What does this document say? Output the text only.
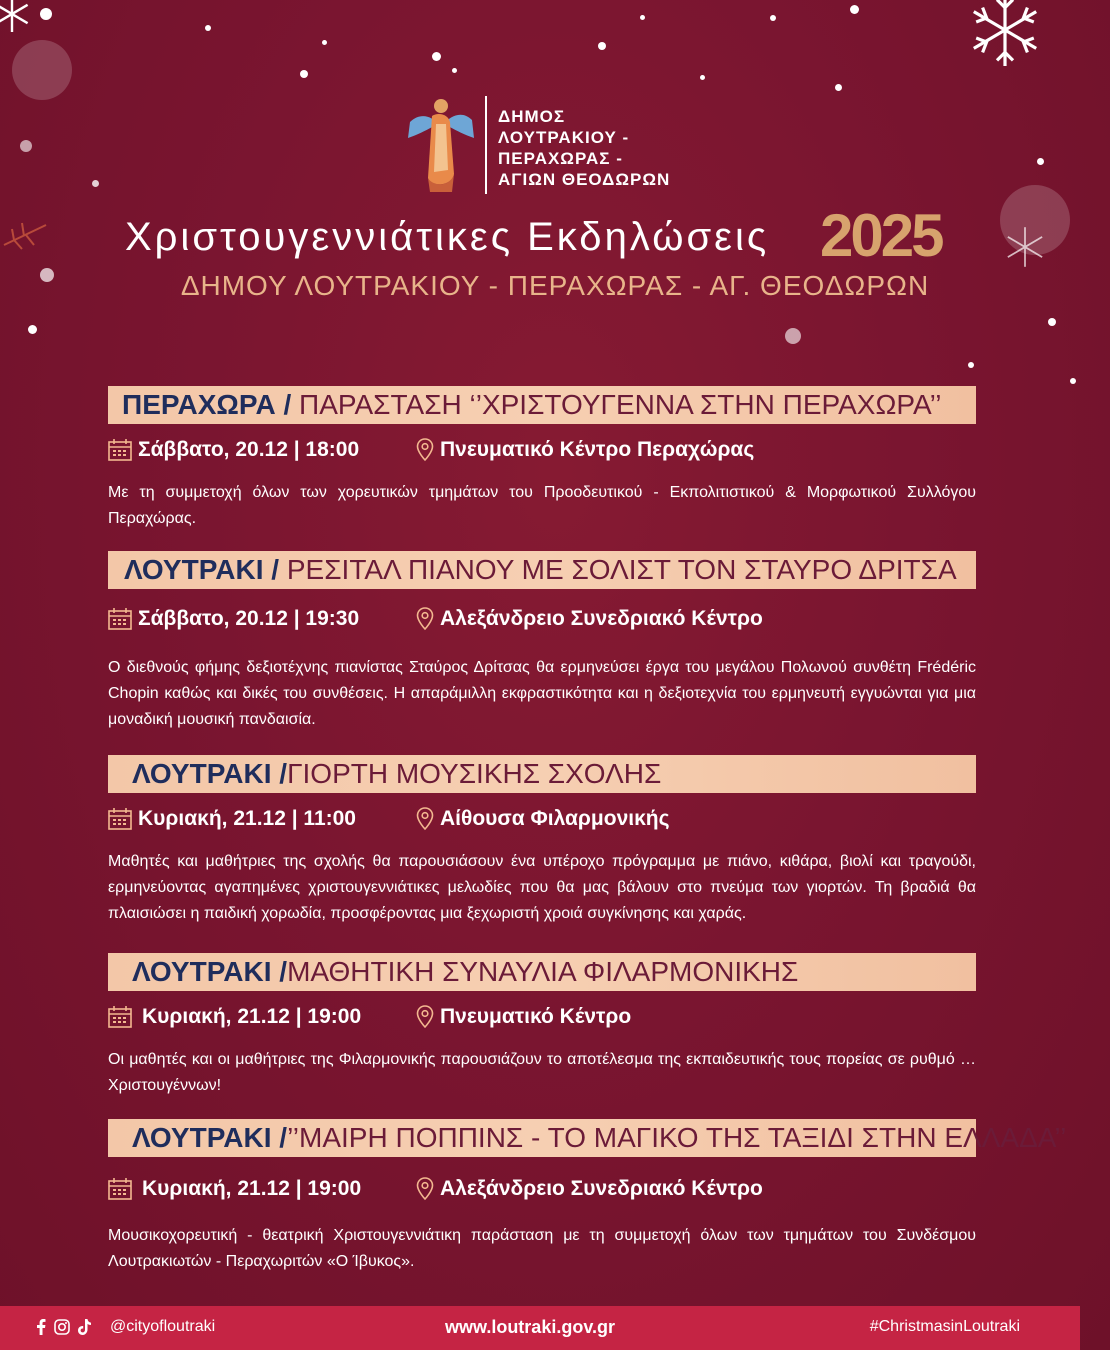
ΔΗΜΟΣ
ΛΟΥΤΡΑΚΙΟΥ -
ΠΕΡΑΧΩΡΑΣ -
ΑΓΙΩΝ ΘΕΟΔΩΡΩΝ
Χριστουγεννιάτικες Εκδηλώσεις 2025
ΔΗΜΟΥ ΛΟΥΤΡΑΚΙΟΥ - ΠΕΡΑΧΩΡΑΣ - ΑΓ. ΘΕΟΔΩΡΩΝ
ΠΕΡΑΧΩΡΑ / ΠΑΡΑΣΤΑΣΗ ‘’ΧΡΙΣΤΟΥΓΕΝΝΑ ΣΤΗΝ ΠΕΡΑΧΩΡΑ’’
Σάββατο, 20.12 | 18:00	Πνευματικό Κέντρο Περαχώρας
Με τη συμμετοχή όλων των χορευτικών τμημάτων του Προοδευτικού - Εκπολιτιστικού & Μορφωτικού Συλλόγου Περαχώρας.
ΛΟΥΤΡΑΚΙ / ΡΕΣΙΤΑΛ ΠΙΑΝΟΥ ΜΕ ΣΟΛΙΣΤ ΤΟΝ ΣΤΑΥΡΟ ΔΡΙΤΣΑ
Σάββατο, 20.12 | 19:30	Αλεξάνδρειο Συνεδριακό Κέντρο
Ο διεθνούς φήμης δεξιοτέχνης πιανίστας Σταύρος Δρίτσας θα ερμηνεύσει έργα του μεγάλου Πολωνού συνθέτη Frédéric Chopin καθώς και δικές του συνθέσεις. Η απαράμιλλη εκφραστικότητα και η δεξιοτεχνία του ερμηνευτή εγγυώνται για μια μοναδική μουσική πανδαισία.
ΛΟΥΤΡΑΚΙ /ΓΙΟΡΤΗ ΜΟΥΣΙΚΗΣ ΣΧΟΛΗΣ
Κυριακή, 21.12 | 11:00	Αίθουσα Φιλαρμονικής
Μαθητές και μαθήτριες της σχολής θα παρουσιάσουν ένα υπέροχο πρόγραμμα με πιάνο, κιθάρα, βιολί και τραγούδι, ερμηνεύοντας αγαπημένες χριστουγεννιάτικες μελωδίες που θα μας βάλουν στο πνεύμα των γιορτών. Τη βραδιά θα πλαισιώσει η παιδική χορωδία, προσφέροντας μια ξεχωριστή χροιά συγκίνησης και χαράς.
ΛΟΥΤΡΑΚΙ /ΜΑΘΗΤΙΚΗ ΣΥΝΑΥΛΙΑ ΦΙΛΑΡΜΟΝΙΚΗΣ
Κυριακή, 21.12 | 19:00	Πνευματικό Κέντρο
Οι μαθητές και οι μαθήτριες της Φιλαρμονικής παρουσιάζουν το αποτέλεσμα της εκπαιδευτικής τους πορείας σε ρυθμό … Χριστουγέννων!
ΛΟΥΤΡΑΚΙ /’’ΜΑΙΡΗ ΠΟΠΠΙΝΣ - ΤΟ ΜΑΓΙΚΟ ΤΗΣ ΤΑΞΙΔΙ ΣΤΗΝ ΕΛΛΑΔΑ’’
Κυριακή, 21.12 | 19:00	Αλεξάνδρειο Συνεδριακό Κέντρο
Μουσικοχορευτική - θεατρική Χριστουγεννιάτικη παράσταση με τη συμμετοχή όλων των τμημάτων του Συνδέσμου Λουτρακιωτών - Περαχωριτών «Ο Ίβυκος».
@cityofloutraki	www.loutraki.gov.gr	#ChristmasinLoutraki
